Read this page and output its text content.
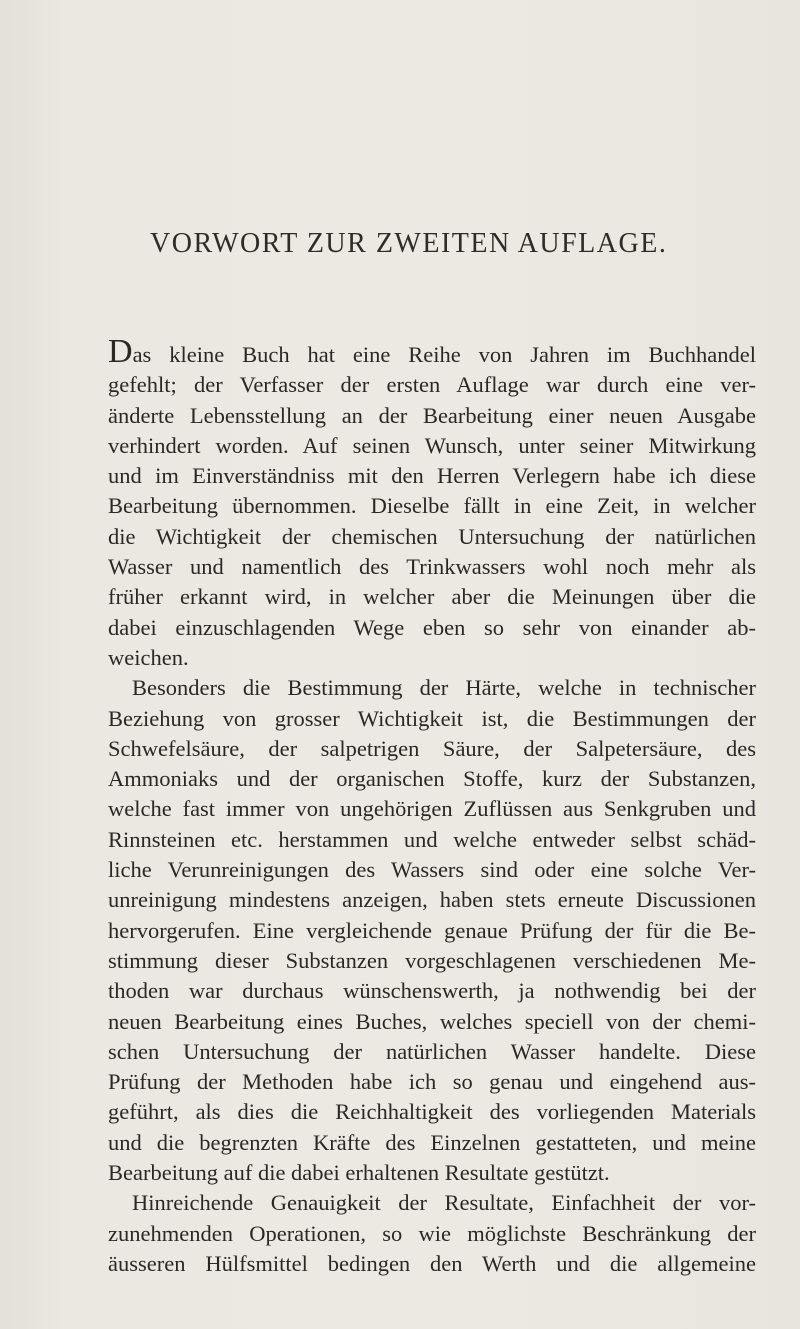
VORWORT ZUR ZWEITEN AUFLAGE.
Das kleine Buch hat eine Reihe von Jahren im Buchhandel
gefehlt; der Verfasser der ersten Auflage war durch eine ver-
änderte Lebensstellung an der Bearbeitung einer neuen Ausgabe
verhindert worden. Auf seinen Wunsch, unter seiner Mitwirkung
und im Einverständniss mit den Herren Verlegern habe ich diese
Bearbeitung übernommen. Dieselbe fällt in eine Zeit, in welcher
die Wichtigkeit der chemischen Untersuchung der natürlichen
Wasser und namentlich des Trinkwassers wohl noch mehr als
früher erkannt wird, in welcher aber die Meinungen über die
dabei einzuschlagenden Wege eben so sehr von einander ab-
weichen.
Besonders die Bestimmung der Härte, welche in technischer
Beziehung von grosser Wichtigkeit ist, die Bestimmungen der
Schwefelsäure, der salpetrigen Säure, der Salpetersäure, des
Ammoniaks und der organischen Stoffe, kurz der Substanzen,
welche fast immer von ungehörigen Zuflüssen aus Senkgruben und
Rinnsteinen etc. herstammen und welche entweder selbst schäd-
liche Verunreinigungen des Wassers sind oder eine solche Ver-
unreinigung mindestens anzeigen, haben stets erneute Discussionen
hervorgerufen. Eine vergleichende genaue Prüfung der für die Be-
stimmung dieser Substanzen vorgeschlagenen verschiedenen Me-
thoden war durchaus wünschenswerth, ja nothwendig bei der
neuen Bearbeitung eines Buches, welches speciell von der chemi-
schen Untersuchung der natürlichen Wasser handelte. Diese
Prüfung der Methoden habe ich so genau und eingehend aus-
geführt, als dies die Reichhaltigkeit des vorliegenden Materials
und die begrenzten Kräfte des Einzelnen gestatteten, und meine
Bearbeitung auf die dabei erhaltenen Resultate gestützt.
Hinreichende Genauigkeit der Resultate, Einfachheit der vor-
zunehmenden Operationen, so wie möglichste Beschränkung der
äusseren Hülfsmittel bedingen den Werth und die allgemeine
